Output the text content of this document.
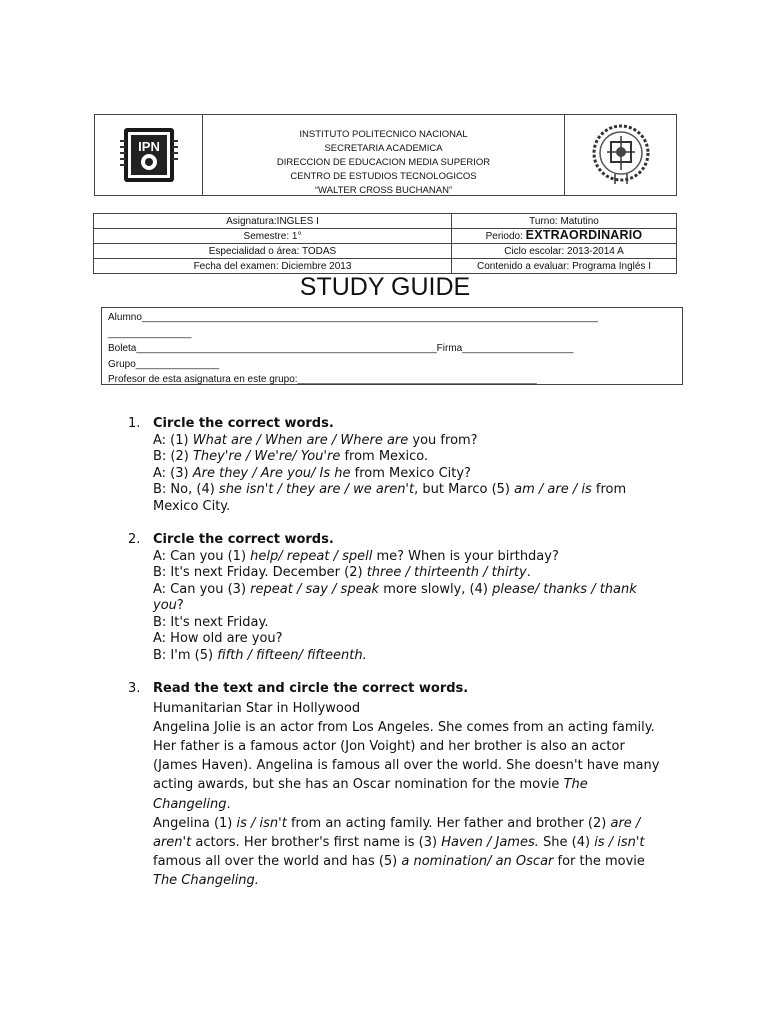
IPN
INSTITUTO POLITECNICO NACIONAL
SECRETARIA ACADEMICA
DIRECCION DE EDUCACION MEDIA SUPERIOR
CENTRO DE ESTUDIOS TECNOLOGICOS
“WALTER CROSS BUCHANAN”
Asignatura:INGLES I	Turno: Matutino
Semestre: 1°	Periodo: EXTRAORDINARIO
Especialidad o área: TODAS	Ciclo escolar: 2013-2014 A
Fecha del examen: Diciembre 2013	Contenido a evaluar: Programa Inglés I
STUDY GUIDE
Alumno__________________________________________________________________________________
_______________
Boleta______________________________________________________Firma____________________
Grupo_______________
Profesor de esta asignatura en este grupo:___________________________________________
1. Circle the correct words.
A: (1) What are / When are / Where are you from?
B: (2) They're / We're/ You're from Mexico.
A: (3) Are they / Are you/ Is he from Mexico City?
B: No, (4) she isn't / they are / we aren't, but Marco (5) am / are / is from Mexico City.
2. Circle the correct words.
A: Can you (1) help/ repeat / spell me? When is your birthday?
B: It's next Friday. December (2) three / thirteenth / thirty.
A: Can you (3) repeat / say / speak more slowly, (4) please/ thanks / thank you?
B: It's next Friday.
A: How old are you?
B: I'm (5) fifth / fifteen/ fifteenth.
3. Read the text and circle the correct words.

Humanitarian Star in Hollywood

Angelina Jolie is an actor from Los Angeles. She comes from an acting family. Her father is a famous actor (Jon Voight) and her brother is also an actor (James Haven). Angelina is famous all over the world. She doesn't have many acting awards, but she has an Oscar nomination for the movie The Changeling.

Angelina (1) is / isn't from an acting family. Her father and brother (2) are / aren't actors. Her brother's first name is (3) Haven / James. She (4) is / isn't famous all over the world and has (5) a nomination/ an Oscar for the movie The Changeling.
